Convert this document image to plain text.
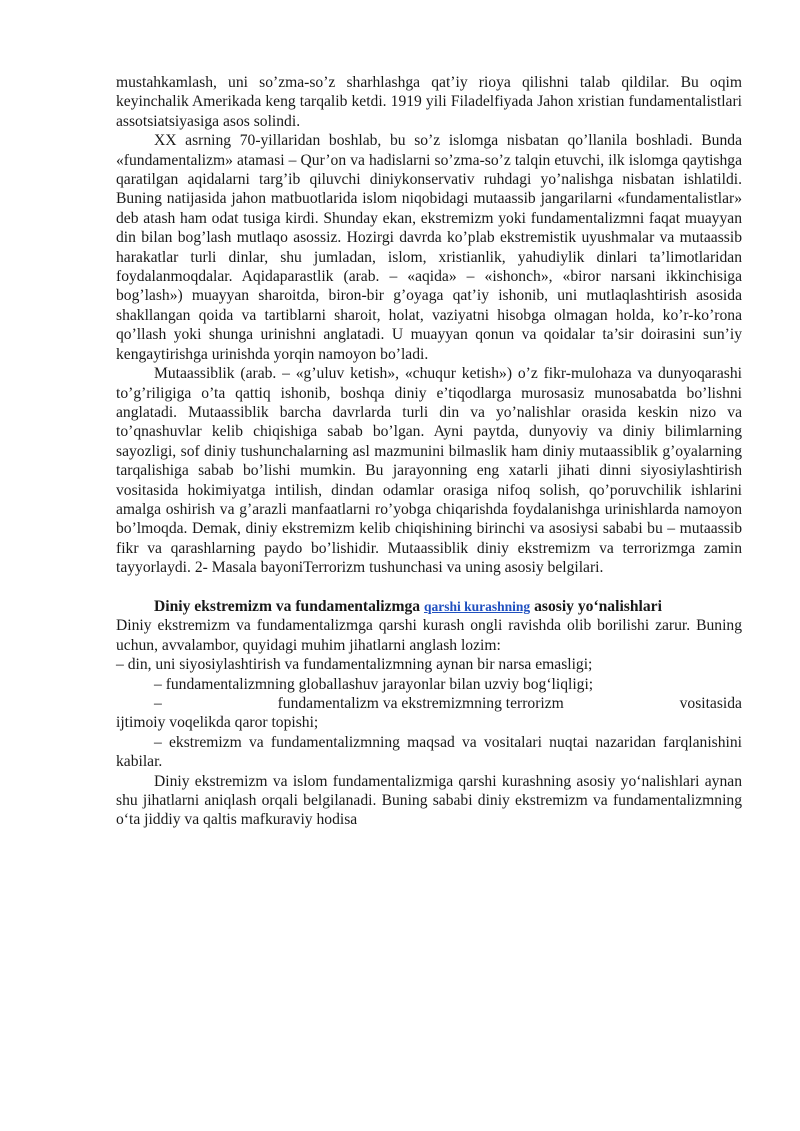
mustahkamlash, uni so’zma-so’z sharhlashga qat’iy rioya qilishni talab qildilar. Bu oqim keyinchalik Amerikada keng tarqalib ketdi. 1919 yili Filadelfiyada Jahon xristian fundamentalistlari assotsiatsiyasiga asos solindi.

XX asrning 70-yillaridan boshlab, bu so’z islomga nisbatan qo’llanila boshladi. Bunda «fundamentalizm» atamasi – Qur’on va hadislarni so’zma-so’z talqin etuvchi, ilk islomga qaytishga qaratilgan aqidalarni targ’ib qiluvchi diniykonservativ ruhdagi yo’nalishga nisbatan ishlatildi. Buning natijasida jahon matbuotlarida islom niqobidagi mutaassib jangarilarni «fundamentalistlar» deb atash ham odat tusiga kirdi. Shunday ekan, ekstremizm yoki fundamentalizmni faqat muayyan din bilan bog’lash mutlaqo asossiz. Hozirgi davrda ko’plab ekstremistik uyushmalar va mutaassib harakatlar turli dinlar, shu jumladan, islom, xristianlik, yahudiylik dinlari ta’limotlaridan foydalanmoqdalar. Aqidaparastlik (arab. – «aqida» – «ishonch», «biror narsani ikkinchisiga bog’lash») muayyan sharoitda, biron-bir g’oyaga qat’iy ishonib, uni mutlaqlashtirish asosida shakllangan qoida va tartiblarni sharoit, holat, vaziyatni hisobga olmagan holda, ko’r-ko’rona qo’llash yoki shunga urinishni anglatadi. U muayyan qonun va qoidalar ta’sir doirasini sun’iy kengaytirishga urinishda yorqin namoyon bo’ladi.

Mutaassiblik (arab. – «g’uluv ketish», «chuqur ketish») o’z fikr-mulohaza va dunyoqarashi to’g’riligiga o’ta qattiq ishonib, boshqa diniy e’tiqodlarga murosasiz munosabatda bo’lishni anglatadi. Mutaassiblik barcha davrlarda turli din va yo’nalishlar orasida keskin nizo va to’qnashuvlar kelib chiqishiga sabab bo’lgan. Ayni paytda, dunyoviy va diniy bilimlarning sayozligi, sof diniy tushunchalarning asl mazmunini bilmaslik ham diniy mutaassiblik g’oyalarning tarqalishiga sabab bo’lishi mumkin. Bu jarayonning eng xatarli jihati dinni siyosiylashtirish vositasida hokimiyatga intilish, dindan odamlar orasiga nifoq solish, qo’poruvchilik ishlarini amalga oshirish va g’arazli manfaatlarni ro’yobga chiqarishda foydalanishga urinishlarda namoyon bo’lmoqda. Demak, diniy ekstremizm kelib chiqishining birinchi va asosiysi sababi bu – mutaassib fikr va qarashlarning paydo bo’lishidir. Mutaassiblik diniy ekstremizm va terrorizmga zamin tayyorlaydi. 2- Masala bayoniTerrorizm tushunchasi va uning asosiy belgilari.

Diniy ekstremizm va fundamentalizmga qarshi kurashning asosiy yo‘nalishlari

Diniy ekstremizm va fundamentalizmga qarshi kurash ongli ravishda olib borilishi zarur. Buning uchun, avvalambor, quyidagi muhim jihatlarni anglash lozim:

– din, uni siyosiylashtirish va fundamentalizmning aynan bir narsa emasligi;

– fundamentalizmning globallashuv jarayonlar bilan uzviy bog‘liqligi;

–	fundamentalizm va ekstremizmning terrorizm	vositasida

ijtimoiy voqelikda qaror topishi;

– ekstremizm va fundamentalizmning maqsad va vositalari nuqtai nazaridan farqlanishini kabilar.

Diniy ekstremizm va islom fundamentalizmiga qarshi kurashning asosiy yo‘nalishlari aynan shu jihatlarni aniqlash orqali belgilanadi. Buning sababi diniy ekstremizm va fundamentalizmning o‘ta jiddiy va qaltis mafkuraviy hodisa
